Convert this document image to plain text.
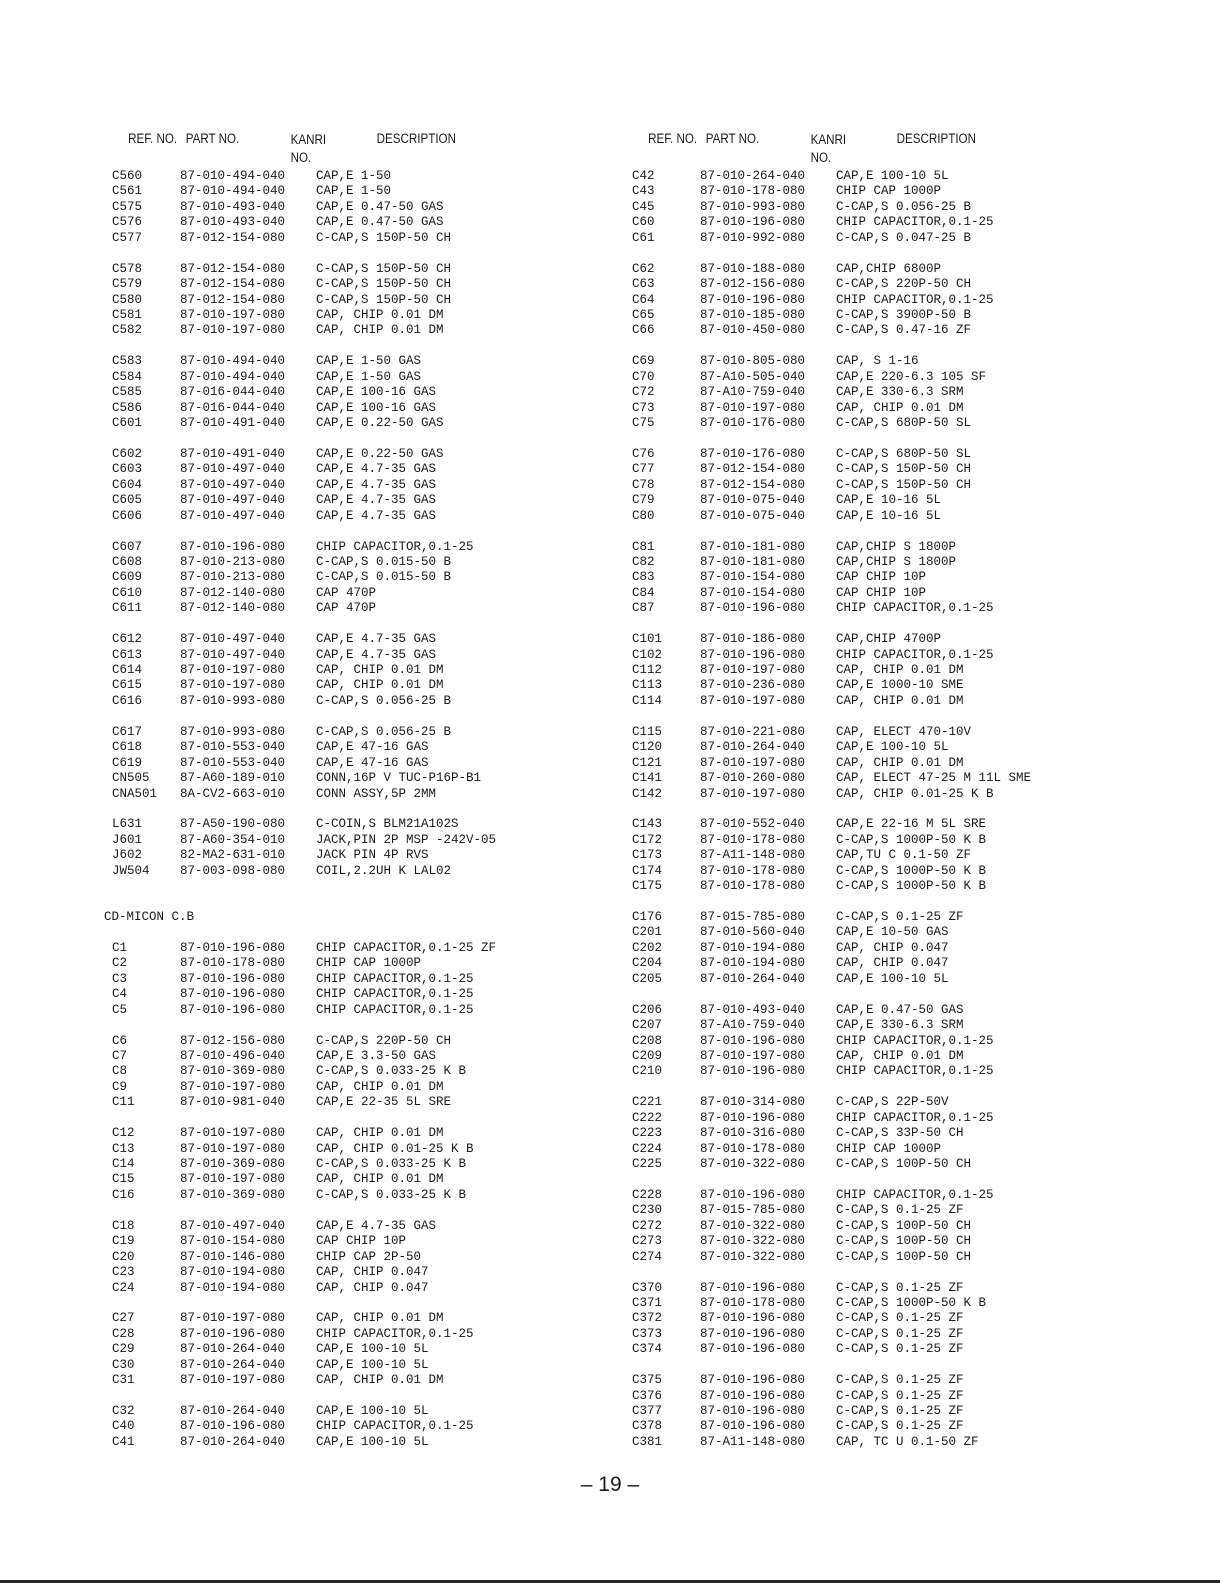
REF. NO. PART NO.	KANRI
NO.
DESCRIPTION
C560	87-010-494-040 CAP,E 1-50
C561	87-010-494-040 CAP,E 1-50
C575	87-010-493-040 CAP,E 0.47-50 GAS
C576	87-010-493-040 CAP,E 0.47-50 GAS
C577	87-012-154-080 C-CAP,S 150P-50 CH
C578	87-012-154-080 C-CAP,S 150P-50 CH
C579	87-012-154-080 C-CAP,S 150P-50 CH
C580	87-012-154-080 C-CAP,S 150P-50 CH
C581	87-010-197-080 CAP, CHIP 0.01 DM
C582	87-010-197-080 CAP, CHIP 0.01 DM
C583	87-010-494-040 CAP,E 1-50 GAS
C584	87-010-494-040 CAP,E 1-50 GAS
C585	87-016-044-040 CAP,E 100-16 GAS
C586	87-016-044-040 CAP,E 100-16 GAS
C601	87-010-491-040 CAP,E 0.22-50 GAS
C602	87-010-491-040 CAP,E 0.22-50 GAS
C603	87-010-497-040 CAP,E 4.7-35 GAS
C604	87-010-497-040 CAP,E 4.7-35 GAS
C605	87-010-497-040 CAP,E 4.7-35 GAS
C606	87-010-497-040 CAP,E 4.7-35 GAS
C607	87-010-196-080 CHIP CAPACITOR,0.1-25
C608	87-010-213-080 C-CAP,S 0.015-50 B
C609	87-010-213-080 C-CAP,S 0.015-50 B
C610	87-012-140-080 CAP 470P
C611	87-012-140-080 CAP 470P
C612	87-010-497-040 CAP,E 4.7-35 GAS
C613	87-010-497-040 CAP,E 4.7-35 GAS
C614	87-010-197-080 CAP, CHIP 0.01 DM
C615	87-010-197-080 CAP, CHIP 0.01 DM
C616	87-010-993-080 C-CAP,S 0.056-25 B
C617	87-010-993-080 C-CAP,S 0.056-25 B
C618	87-010-553-040 CAP,E 47-16 GAS
C619	87-010-553-040 CAP,E 47-16 GAS
CN505 87-A60-189-010 CONN,16P V TUC-P16P-B1
CNA501 8A-CV2-663-010 CONN ASSY,5P 2MM
L631	87-A50-190-080 C-COIN,S BLM21A102S
J601	87-A60-354-010 JACK,PIN 2P MSP -242V-05
J602	82-MA2-631-010 JACK PIN 4P RVS
JW504 87-003-098-080 COIL,2.2UH K LAL02
CD-MICON C.B
C1	87-010-196-080 CHIP CAPACITOR,0.1-25 ZF
C2	87-010-178-080 CHIP CAP 1000P
C3	87-010-196-080 CHIP CAPACITOR,0.1-25
C4	87-010-196-080 CHIP CAPACITOR,0.1-25
C5	87-010-196-080 CHIP CAPACITOR,0.1-25
C6	87-012-156-080 C-CAP,S 220P-50 CH
C7	87-010-496-040 CAP,E 3.3-50 GAS
C8	87-010-369-080 C-CAP,S 0.033-25 K B
C9	87-010-197-080 CAP, CHIP 0.01 DM
C11	87-010-981-040 CAP,E 22-35 5L SRE
C12	87-010-197-080 CAP, CHIP 0.01 DM
C13	87-010-197-080 CAP, CHIP 0.01-25 K B
C14	87-010-369-080 C-CAP,S 0.033-25 K B
C15	87-010-197-080 CAP, CHIP 0.01 DM
C16	87-010-369-080 C-CAP,S 0.033-25 K B
C18	87-010-497-040 CAP,E 4.7-35 GAS
C19	87-010-154-080 CAP CHIP 10P
C20	87-010-146-080 CHIP CAP 2P-50
C23	87-010-194-080 CAP, CHIP 0.047
C24	87-010-194-080 CAP, CHIP 0.047
C27	87-010-197-080 CAP, CHIP 0.01 DM
C28	87-010-196-080 CHIP CAPACITOR,0.1-25
C29	87-010-264-040 CAP,E 100-10 5L
C30	87-010-264-040 CAP,E 100-10 5L
C31	87-010-197-080 CAP, CHIP 0.01 DM
C32	87-010-264-040 CAP,E 100-10 5L
C40	87-010-196-080 CHIP CAPACITOR,0.1-25
C41	87-010-264-040 CAP,E 100-10 5L
REF. NO. PART NO.	KANRI
NO.
DESCRIPTION
C42	87-010-264-040 CAP,E 100-10 5L
C43	87-010-178-080 CHIP CAP 1000P
C45	87-010-993-080 C-CAP,S 0.056-25 B
C60	87-010-196-080 CHIP CAPACITOR,0.1-25
C61	87-010-992-080 C-CAP,S 0.047-25 B
C62	87-010-188-080 CAP,CHIP 6800P
C63	87-012-156-080 C-CAP,S 220P-50 CH
C64	87-010-196-080 CHIP CAPACITOR,0.1-25
C65	87-010-185-080 C-CAP,S 3900P-50 B
C66	87-010-450-080 C-CAP,S 0.47-16 ZF
C69	87-010-805-080 CAP, S 1-16
C70	87-A10-505-040 CAP,E 220-6.3 105 SF
C72	87-A10-759-040 CAP,E 330-6.3 SRM
C73	87-010-197-080 CAP, CHIP 0.01 DM
C75	87-010-176-080 C-CAP,S 680P-50 SL
C76	87-010-176-080 C-CAP,S 680P-50 SL
C77	87-012-154-080 C-CAP,S 150P-50 CH
C78	87-012-154-080 C-CAP,S 150P-50 CH
C79	87-010-075-040 CAP,E 10-16 5L
C80	87-010-075-040 CAP,E 10-16 5L
C81	87-010-181-080 CAP,CHIP S 1800P
C82	87-010-181-080 CAP,CHIP S 1800P
C83	87-010-154-080 CAP CHIP 10P
C84	87-010-154-080 CAP CHIP 10P
C87	87-010-196-080 CHIP CAPACITOR,0.1-25
C101	87-010-186-080 CAP,CHIP 4700P
C102	87-010-196-080 CHIP CAPACITOR,0.1-25
C112	87-010-197-080 CAP, CHIP 0.01 DM
C113	87-010-236-080 CAP,E 1000-10 SME
C114	87-010-197-080 CAP, CHIP 0.01 DM
C115	87-010-221-080 CAP, ELECT 470-10V
C120	87-010-264-040 CAP,E 100-10 5L
C121	87-010-197-080 CAP, CHIP 0.01 DM
C141	87-010-260-080 CAP, ELECT 47-25 M 11L SME
C142	87-010-197-080 CAP, CHIP 0.01-25 K B
C143	87-010-552-040 CAP,E 22-16 M 5L SRE
C172	87-010-178-080 C-CAP,S 1000P-50 K B
C173	87-A11-148-080 CAP,TU C 0.1-50 ZF
C174	87-010-178-080 C-CAP,S 1000P-50 K B
C175	87-010-178-080 C-CAP,S 1000P-50 K B
C176	87-015-785-080 C-CAP,S 0.1-25 ZF
C201	87-010-560-040 CAP,E 10-50 GAS
C202	87-010-194-080 CAP, CHIP 0.047
C204	87-010-194-080 CAP, CHIP 0.047
C205	87-010-264-040 CAP,E 100-10 5L
C206	87-010-493-040 CAP,E 0.47-50 GAS
C207	87-A10-759-040 CAP,E 330-6.3 SRM
C208	87-010-196-080 CHIP CAPACITOR,0.1-25
C209	87-010-197-080 CAP, CHIP 0.01 DM
C210	87-010-196-080 CHIP CAPACITOR,0.1-25
C221	87-010-314-080 C-CAP,S 22P-50V
C222	87-010-196-080 CHIP CAPACITOR,0.1-25
C223	87-010-316-080 C-CAP,S 33P-50 CH
C224	87-010-178-080 CHIP CAP 1000P
C225	87-010-322-080 C-CAP,S 100P-50 CH
C228	87-010-196-080 CHIP CAPACITOR,0.1-25
C230	87-015-785-080 C-CAP,S 0.1-25 ZF
C272	87-010-322-080 C-CAP,S 100P-50 CH
C273	87-010-322-080 C-CAP,S 100P-50 CH
C274	87-010-322-080 C-CAP,S 100P-50 CH
C370	87-010-196-080 C-CAP,S 0.1-25 ZF
C371	87-010-178-080 C-CAP,S 1000P-50 K B
C372	87-010-196-080 C-CAP,S 0.1-25 ZF
C373	87-010-196-080 C-CAP,S 0.1-25 ZF
C374	87-010-196-080 C-CAP,S 0.1-25 ZF
C375	87-010-196-080 C-CAP,S 0.1-25 ZF
C376	87-010-196-080 C-CAP,S 0.1-25 ZF
C377	87-010-196-080 C-CAP,S 0.1-25 ZF
C378	87-010-196-080 C-CAP,S 0.1-25 ZF
C381	87-A11-148-080 CAP, TC U 0.1-50 ZF
– 19 –
